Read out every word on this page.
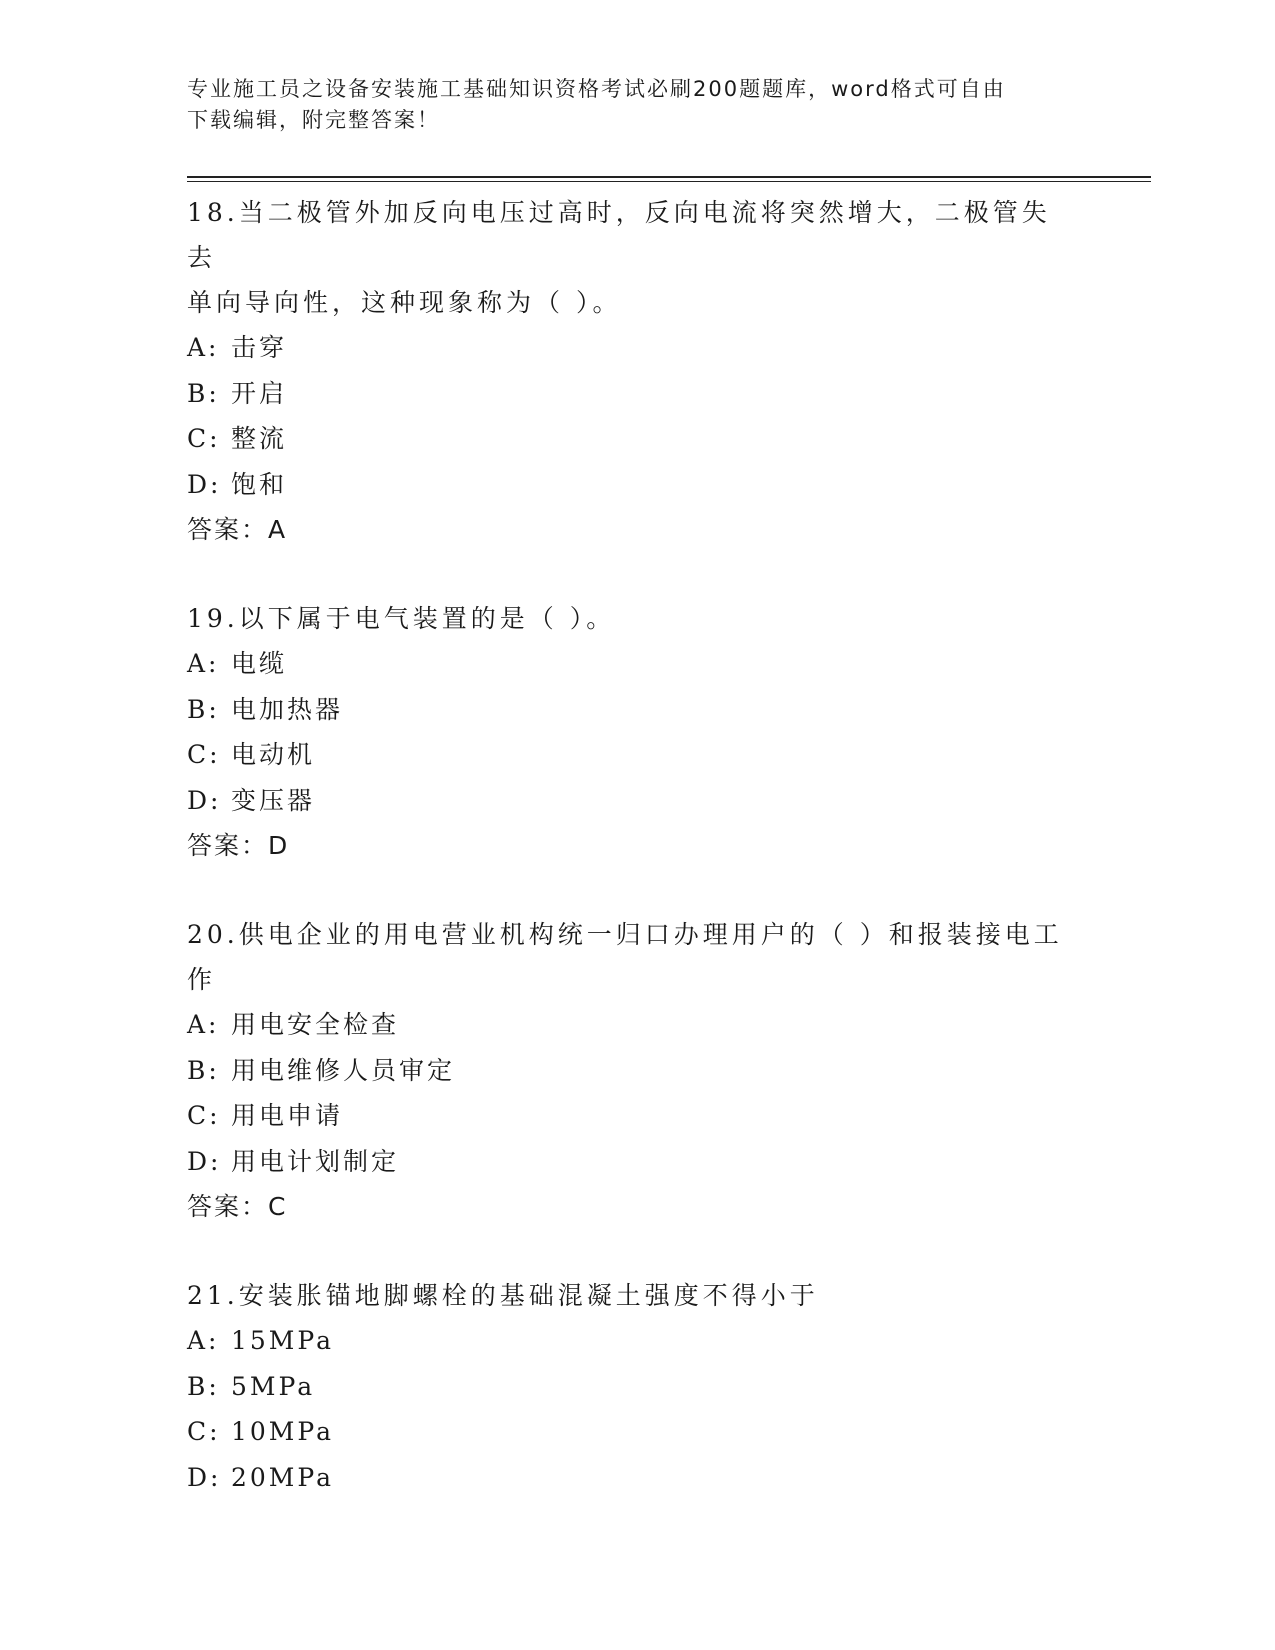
专业施工员之设备安装施工基础知识资格考试必刷200题题库，word格式可自由
下载编辑，附完整答案！
18.当二极管外加反向电压过高时，反向电流将突然增大，二极管失去
单向导向性，这种现象称为（ ）。
A: 击穿
B: 开启
C: 整流
D: 饱和
答案：A
19.以下属于电气装置的是（ ）。
A: 电缆
B: 电加热器
C: 电动机
D: 变压器
答案：D
20.供电企业的用电营业机构统一归口办理用户的（ ）和报装接电工
作
A: 用电安全检查
B: 用电维修人员审定
C: 用电申请
D: 用电计划制定
答案：C
21.安装胀锚地脚螺栓的基础混凝土强度不得小于
A: 15MPa
B: 5MPa
C: 10MPa
D: 20MPa
